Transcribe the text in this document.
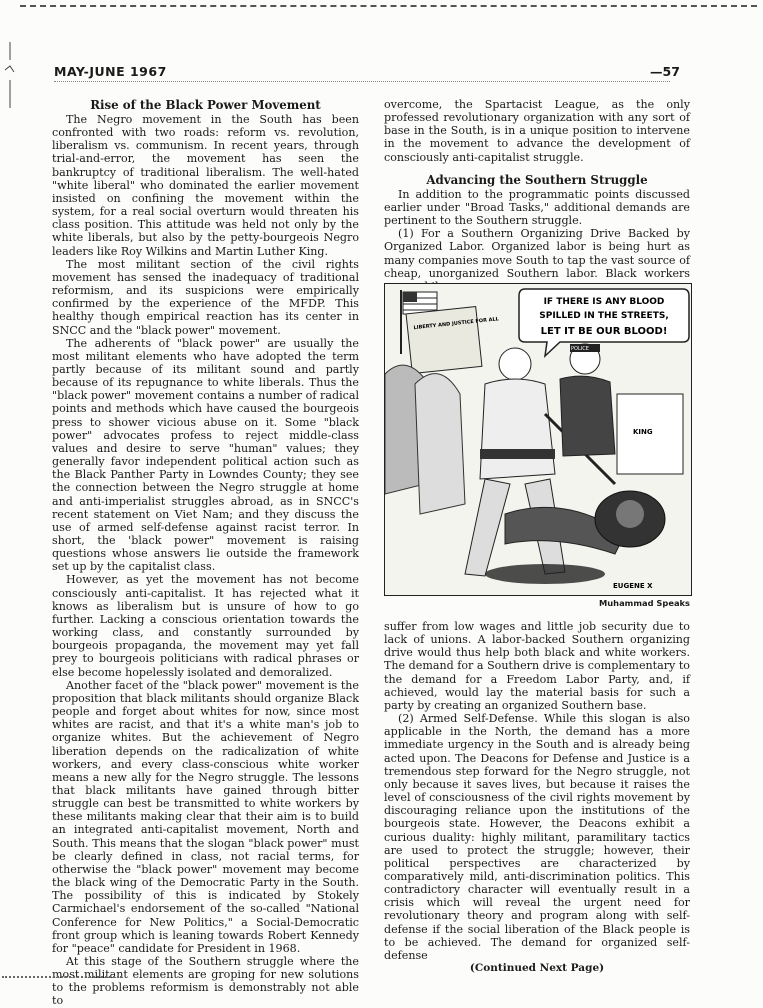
MAY-JUNE 1967	—57
Rise of the Black Power Movement

The Negro movement in the South has been confronted with two roads: reform vs. revolution, liberalism vs. communism. In recent years, through trial-and-error, the movement has seen the bankruptcy of traditional liberalism. The well-hated "white liberal" who dominated the earlier movement insisted on confining the movement within the system, for a real social overturn would threaten his class position. This attitude was held not only by the white liberals, but also by the petty-bourgeois Negro leaders like Roy Wilkins and Martin Luther King.

The most militant section of the civil rights movement has sensed the inadequacy of traditional reformism, and its suspicions were empirically confirmed by the experience of the MFDP. This healthy though empirical reaction has its center in SNCC and the "black power" movement.

The adherents of "black power" are usually the most militant elements who have adopted the term partly because of its militant sound and partly because of its repugnance to white liberals. Thus the "black power" movement contains a number of radical points and methods which have caused the bourgeois press to shower vicious abuse on it. Some "black power" advocates profess to reject middle-class values and desire to serve "human" values; they generally favor independent political action such as the Black Panther Party in Lowndes County; they see the connection between the Negro struggle at home and anti-imperialist struggles abroad, as in SNCC's recent statement on Viet Nam; and they discuss the use of armed self-defense against racist terror. In short, the 'black power" movement is raising questions whose answers lie outside the framework set up by the capitalist class.

However, as yet the movement has not become consciously anti-capitalist. It has rejected what it knows as liberalism but is unsure of how to go further. Lacking a conscious orientation towards the working class, and constantly surrounded by bourgeois propaganda, the movement may yet fall prey to bourgeois politicians with radical phrases or else become hopelessly isolated and demoralized.

Another facet of the "black power" movement is the proposition that black militants should organize Black people and forget about whites for now, since most whites are racist, and that it's a white man's job to organize whites. But the achievement of Negro liberation depends on the radicalization of white workers, and every class-conscious white worker means a new ally for the Negro struggle. The lessons that black militants have gained through bitter struggle can best be transmitted to white workers by these militants making clear that their aim is to build an integrated anti-capitalist movement, North and South. This means that the slogan "black power" must be clearly defined in class, not racial terms, for otherwise the "black power" movement may become the black wing of the Democratic Party in the South. The possibility of this is indicated by Stokely Carmichael's endorsement of the so-called "National Conference for New Politics," a Social-Democratic front group which is leaning towards Robert Kennedy for "peace" candidate for President in 1968.

At this stage of the Southern struggle where the most militant elements are groping for new solutions to the problems reformism is demonstrably not able to

overcome, the Spartacist League, as the only professed revolutionary organization with any sort of base in the South, is in a unique position to intervene in the movement to advance the development of consciously anti-capitalist struggle.

Advancing the Southern Struggle

In addition to the programmatic points discussed earlier under "Broad Tasks," additional demands are pertinent to the Southern struggle.

(1) For a Southern Organizing Drive Backed by Organized Labor. Organized labor is being hurt as many companies move South to tap the vast source of cheap, unorganized Southern labor. Black workers

LIBERTY AND JUSTICE FOR ALL
POLICE
KING
IF THERE IS ANY BLOOD
SPILLED IN THE STREETS,
LET IT BE OUR BLOOD!
EUGENE X
Muhammad Speaks

suffer from low wages and little job security due to lack of unions. A labor-backed Southern organizing drive would thus help both black and white workers. The demand for a Southern drive is complementary to the demand for a Freedom Labor Party, and, if achieved, would lay the material basis for such a party by creating an organized Southern base.

(2) Armed Self-Defense. While this slogan is also applicable in the North, the demand has a more immediate urgency in the South and is already being acted upon. The Deacons for Defense and Justice is a tremendous step forward for the Negro struggle, not only because it saves lives, but because it raises the level of consciousness of the civil rights movement by discouraging reliance upon the institutions of the bourgeois state. However, the Deacons exhibit a curious duality: highly militant, paramilitary tactics are used to protect the struggle; however, their political perspectives are characterized by comparatively mild, anti-discrimination politics. This contradictory character will eventually result in a crisis which will reveal the urgent need for revolutionary theory and program along with self-defense if the social liberation of the Black people is to be achieved. The demand for organized self-defense

(Continued Next Page)
